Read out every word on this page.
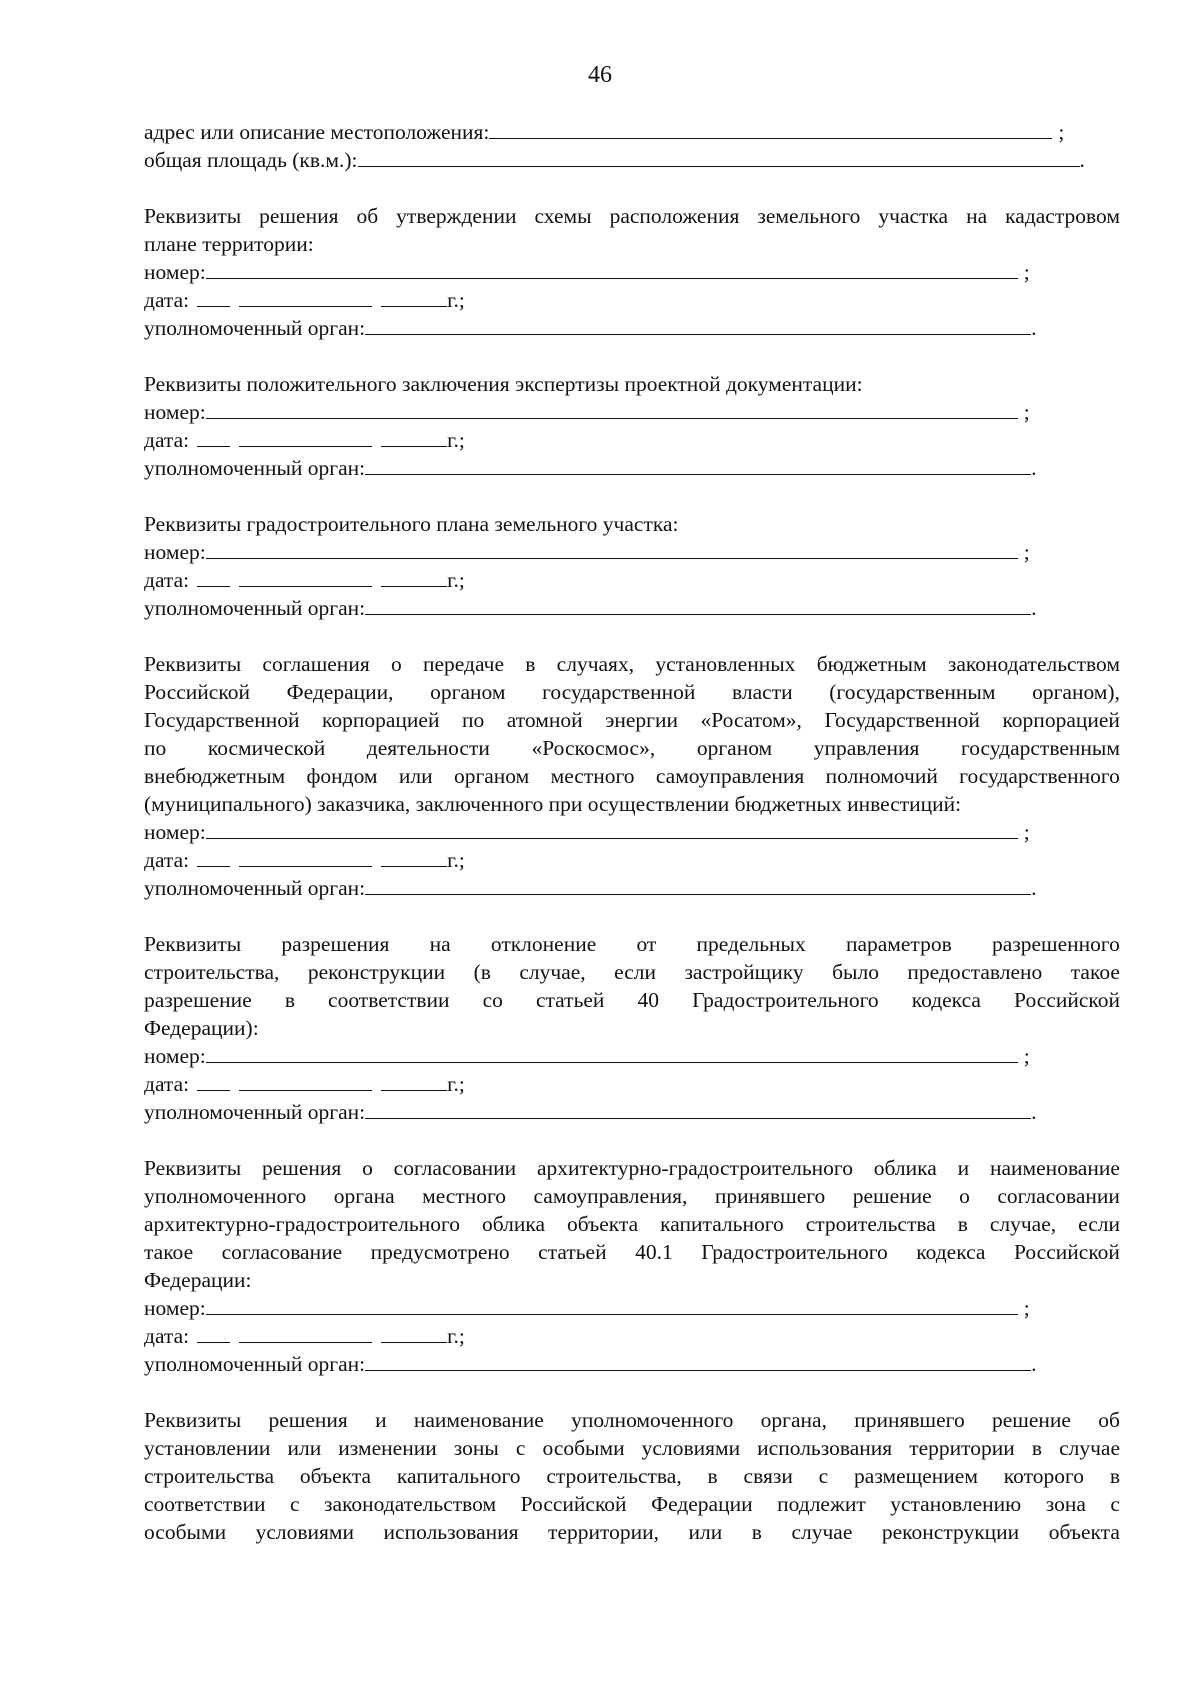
46
адрес или описание местоположения:	;
общая площадь (кв.м.):	.
Реквизиты решения об утверждении схемы расположения земельного участка на кадастровом
плане территории:
номер:	;
дата:	г.;
уполномоченный орган:	.
Реквизиты положительного заключения экспертизы проектной документации:
номер:	;
дата:	г.;
уполномоченный орган:	.
Реквизиты градостроительного плана земельного участка:
номер:	;
дата:	г.;
уполномоченный орган:	.
Реквизиты соглашения о передаче в случаях, установленных бюджетным законодательством
Российской Федерации, органом государственной власти (государственным органом),
Государственной корпорацией по атомной энергии «Росатом», Государственной корпорацией
по космической деятельности «Роскосмос», органом управления государственным
внебюджетным фондом или органом местного самоуправления полномочий государственного
(муниципального) заказчика, заключенного при осуществлении бюджетных инвестиций:
номер:	;
дата:	г.;
уполномоченный орган:	.
Реквизиты разрешения на отклонение от предельных параметров разрешенного
строительства, реконструкции (в случае, если застройщику было предоставлено такое
разрешение в соответствии со статьей 40 Градостроительного кодекса Российской
Федерации):
номер:	;
дата:	г.;
уполномоченный орган:	.
Реквизиты решения о согласовании архитектурно-градостроительного облика и наименование
уполномоченного органа местного самоуправления, принявшего решение о согласовании
архитектурно-градостроительного облика объекта капитального строительства в случае, если
такое согласование предусмотрено статьей 40.1 Градостроительного кодекса Российской
Федерации:
номер:	;
дата:	г.;
уполномоченный орган:	.
Реквизиты решения и наименование уполномоченного органа, принявшего решение об
установлении или изменении зоны с особыми условиями использования территории в случае
строительства объекта капитального строительства, в связи с размещением которого в
соответствии с законодательством Российской Федерации подлежит установлению зона с
особыми условиями использования территории, или в случае реконструкции объекта
